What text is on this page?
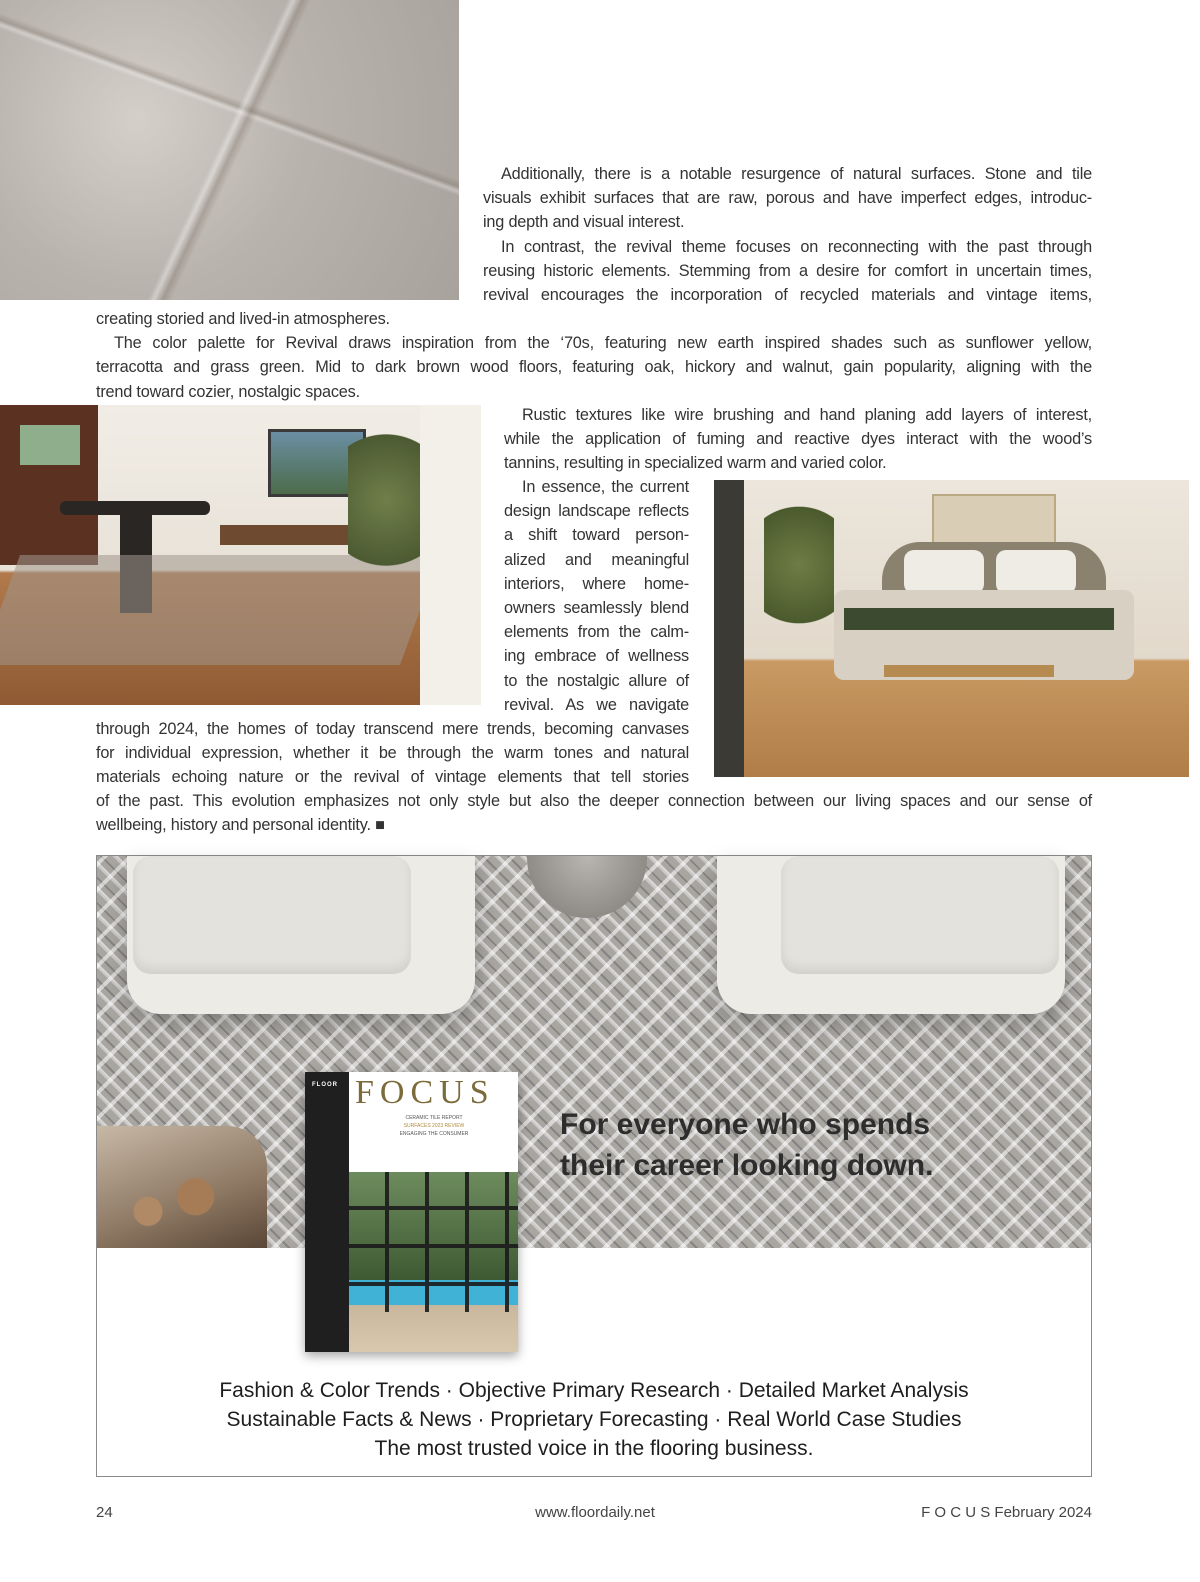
Additionally, there is a notable resurgence of natural surfaces. Stone and tile
visuals exhibit surfaces that are raw, porous and have imperfect edges, introduc-
ing depth and visual interest.
In contrast, the revival theme focuses on reconnecting with the past through
reusing historic elements. Stemming from a desire for comfort in uncertain times,
revival encourages the incorporation of recycled materials and vintage items,
creating storied and lived-in atmospheres.
The color palette for Revival draws inspiration from the ‘70s, featuring new earth inspired shades such as sunflower yellow,
terracotta and grass green. Mid to dark brown wood floors, featuring oak, hickory and walnut, gain popularity, aligning with the
trend toward cozier, nostalgic spaces.
Rustic textures like wire brushing and hand planing add layers of interest,
while the application of fuming and reactive dyes interact with the wood’s
tannins, resulting in specialized warm and varied color.
In essence, the current
design landscape reflects
a shift toward person-
alized and meaningful
interiors, where home-
owners seamlessly blend
elements from the calm-
ing embrace of wellness
to the nostalgic allure of
revival. As we navigate
through 2024, the homes of today transcend mere trends, becoming canvases
for individual expression, whether it be through the warm tones and natural
materials echoing nature or the revival of vintage elements that tell stories
of the past. This evolution emphasizes not only style but also the deeper connection between our living spaces and our sense of
wellbeing, history and personal identity. ■
FLOOR FOCUS
CERAMIC TILE REPORT
SURFACES 2023 REVIEW
ENGAGING THE CONSUMER	For everyone who spends their career looking down.

Fashion & Color Trends · Objective Primary Research · Detailed Market Analysis
Sustainable Facts & News · Proprietary Forecasting · Real World Case Studies
The most trusted voice in the flooring business.
24	www.floordaily.net	F O C U S February 2024
